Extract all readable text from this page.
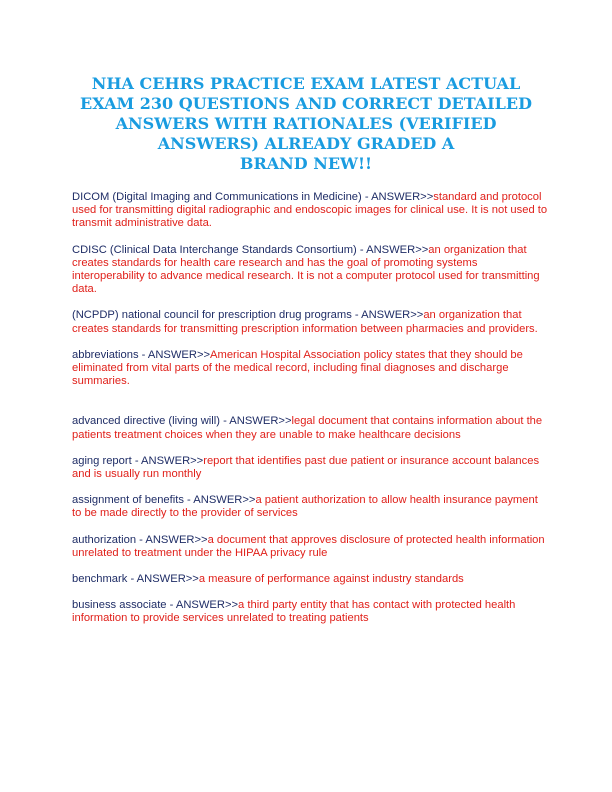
NHA CEHRS PRACTICE EXAM LATEST ACTUAL
EXAM 230 QUESTIONS AND CORRECT DETAILED
ANSWERS WITH RATIONALES (VERIFIED
ANSWERS) ALREADY GRADED A
BRAND NEW!!

DICOM (Digital Imaging and Communications in Medicine) - ANSWER>>standard and protocol used for transmitting digital radiographic and endoscopic images for clinical use. It is not used to transmit administrative data.

CDISC (Clinical Data Interchange Standards Consortium) - ANSWER>>an organization that creates standards for health care research and has the goal of promoting systems interoperability to advance medical research. It is not a computer protocol used for transmitting data.

(NCPDP) national council for prescription drug programs - ANSWER>>an organization that creates standards for transmitting prescription information between pharmacies and providers.

abbreviations - ANSWER>>American Hospital Association policy states that they should be eliminated from vital parts of the medical record, including final diagnoses and discharge summaries.

advanced directive (living will) - ANSWER>>legal document that contains information about the patients treatment choices when they are unable to make healthcare decisions

aging report - ANSWER>>report that identifies past due patient or insurance account balances and is usually run monthly

assignment of benefits - ANSWER>>a patient authorization to allow health insurance payment to be made directly to the provider of services

authorization - ANSWER>>a document that approves disclosure of protected health information unrelated to treatment under the HIPAA privacy rule

benchmark - ANSWER>>a measure of performance against industry standards

business associate - ANSWER>>a third party entity that has contact with protected health information to provide services unrelated to treating patients
